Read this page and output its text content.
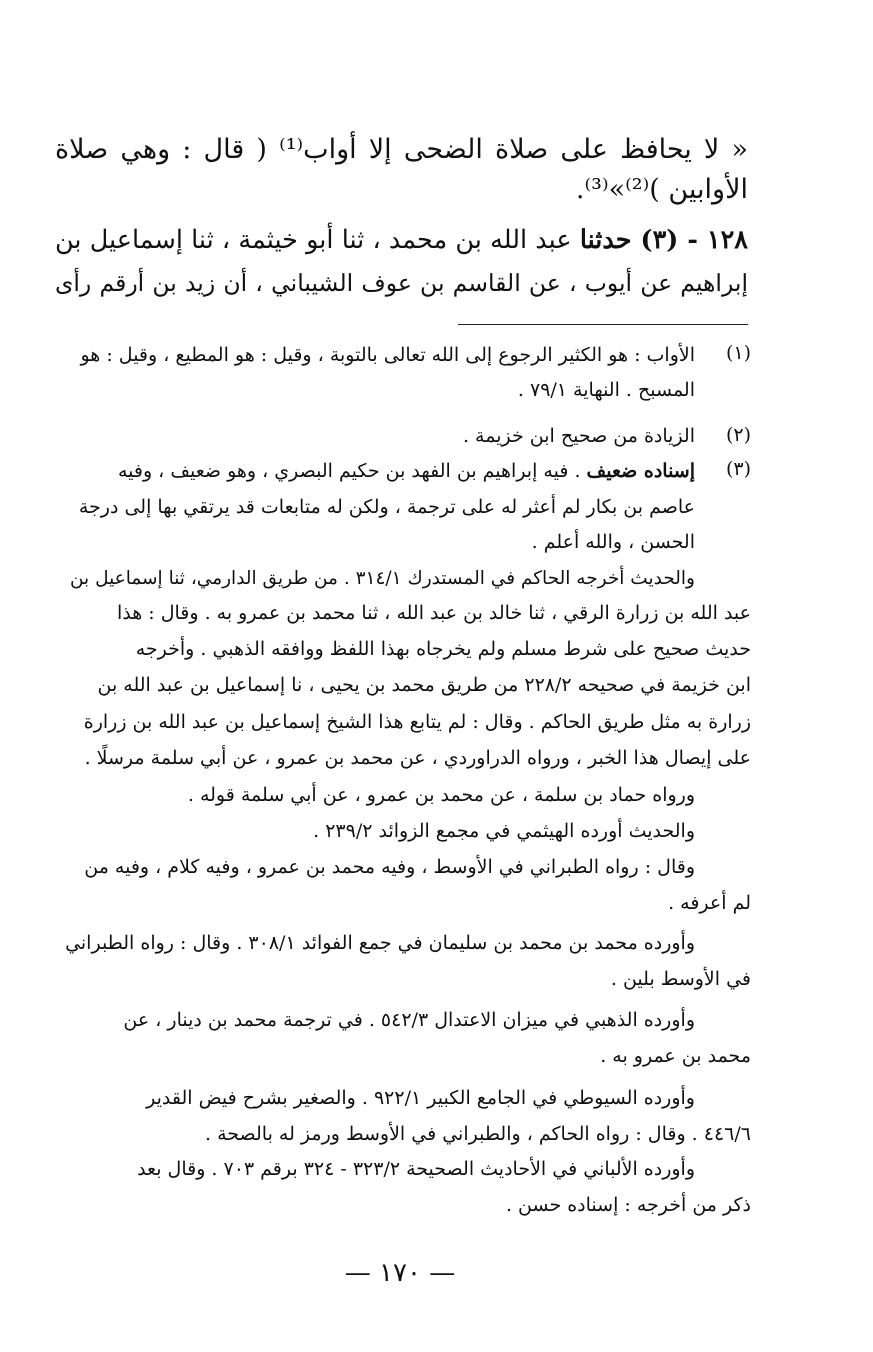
« لا يحافظ على صلاة الضحى إلا أواب⁽¹⁾ ( قال : وهي صلاة
الأوابين )⁽²⁾»⁽³⁾.
١٢٨ - (٣) حدثنا عبد الله بن محمد ، ثنا أبو خيثمة ، ثنا إسماعيل بن
إبراهيم عن أيوب ، عن القاسم بن عوف الشيباني ، أن زيد بن أرقم رأى
(١)
الأواب : هو الكثير الرجوع إلى الله تعالى بالتوبة ، وقيل : هو المطيع ، وقيل : هو
المسبح . النهاية ٧٩/١ .
(٢)
الزيادة من صحيح ابن خزيمة .
(٣)
إسناده ضعيف . فيه إبراهيم بن الفهد بن حكيم البصري ، وهو ضعيف ، وفيه
عاصم بن بكار لم أعثر له على ترجمة ، ولكن له متابعات قد يرتقي بها إلى درجة
الحسن ، والله أعلم .
والحديث أخرجه الحاكم في المستدرك ٣١٤/١ . من طريق الدارمي، ثنا إسماعيل بن
عبد الله بن زرارة الرقي ، ثنا خالد بن عبد الله ، ثنا محمد بن عمرو به . وقال : هذا
حديث صحيح على شرط مسلم ولم يخرجاه بهذا اللفظ ووافقه الذهبي . وأخرجه
ابن خزيمة في صحيحه ٢٢٨/٢ من طريق محمد بن يحيى ، نا إسماعيل بن عبد الله بن
زرارة به مثل طريق الحاكم . وقال : لم يتابع هذا الشيخ إسماعيل بن عبد الله بن زرارة
على إيصال هذا الخبر ، ورواه الدراوردي ، عن محمد بن عمرو ، عن أبي سلمة مرسلًا .
ورواه حماد بن سلمة ، عن محمد بن عمرو ، عن أبي سلمة قوله .
والحديث أورده الهيثمي في مجمع الزوائد ٢٣٩/٢ .
وقال : رواه الطبراني في الأوسط ، وفيه محمد بن عمرو ، وفيه كلام ، وفيه من
لم أعرفه .
وأورده محمد بن محمد بن سليمان في جمع الفوائد ٣٠٨/١ . وقال : رواه الطبراني
في الأوسط بلين .
وأورده الذهبي في ميزان الاعتدال ٥٤٢/٣ . في ترجمة محمد بن دينار ، عن
محمد بن عمرو به .
وأورده السيوطي في الجامع الكبير ٩٢٢/١ . والصغير بشرح فيض القدير
٤٤٦/٦ . وقال : رواه الحاكم ، والطبراني في الأوسط ورمز له بالصحة .
وأورده الألباني في الأحاديث الصحيحة ٣٢٣/٢ - ٣٢٤ برقم ٧٠٣ . وقال بعد
ذكر من أخرجه : إسناده حسن .
— ١٧٠ —
